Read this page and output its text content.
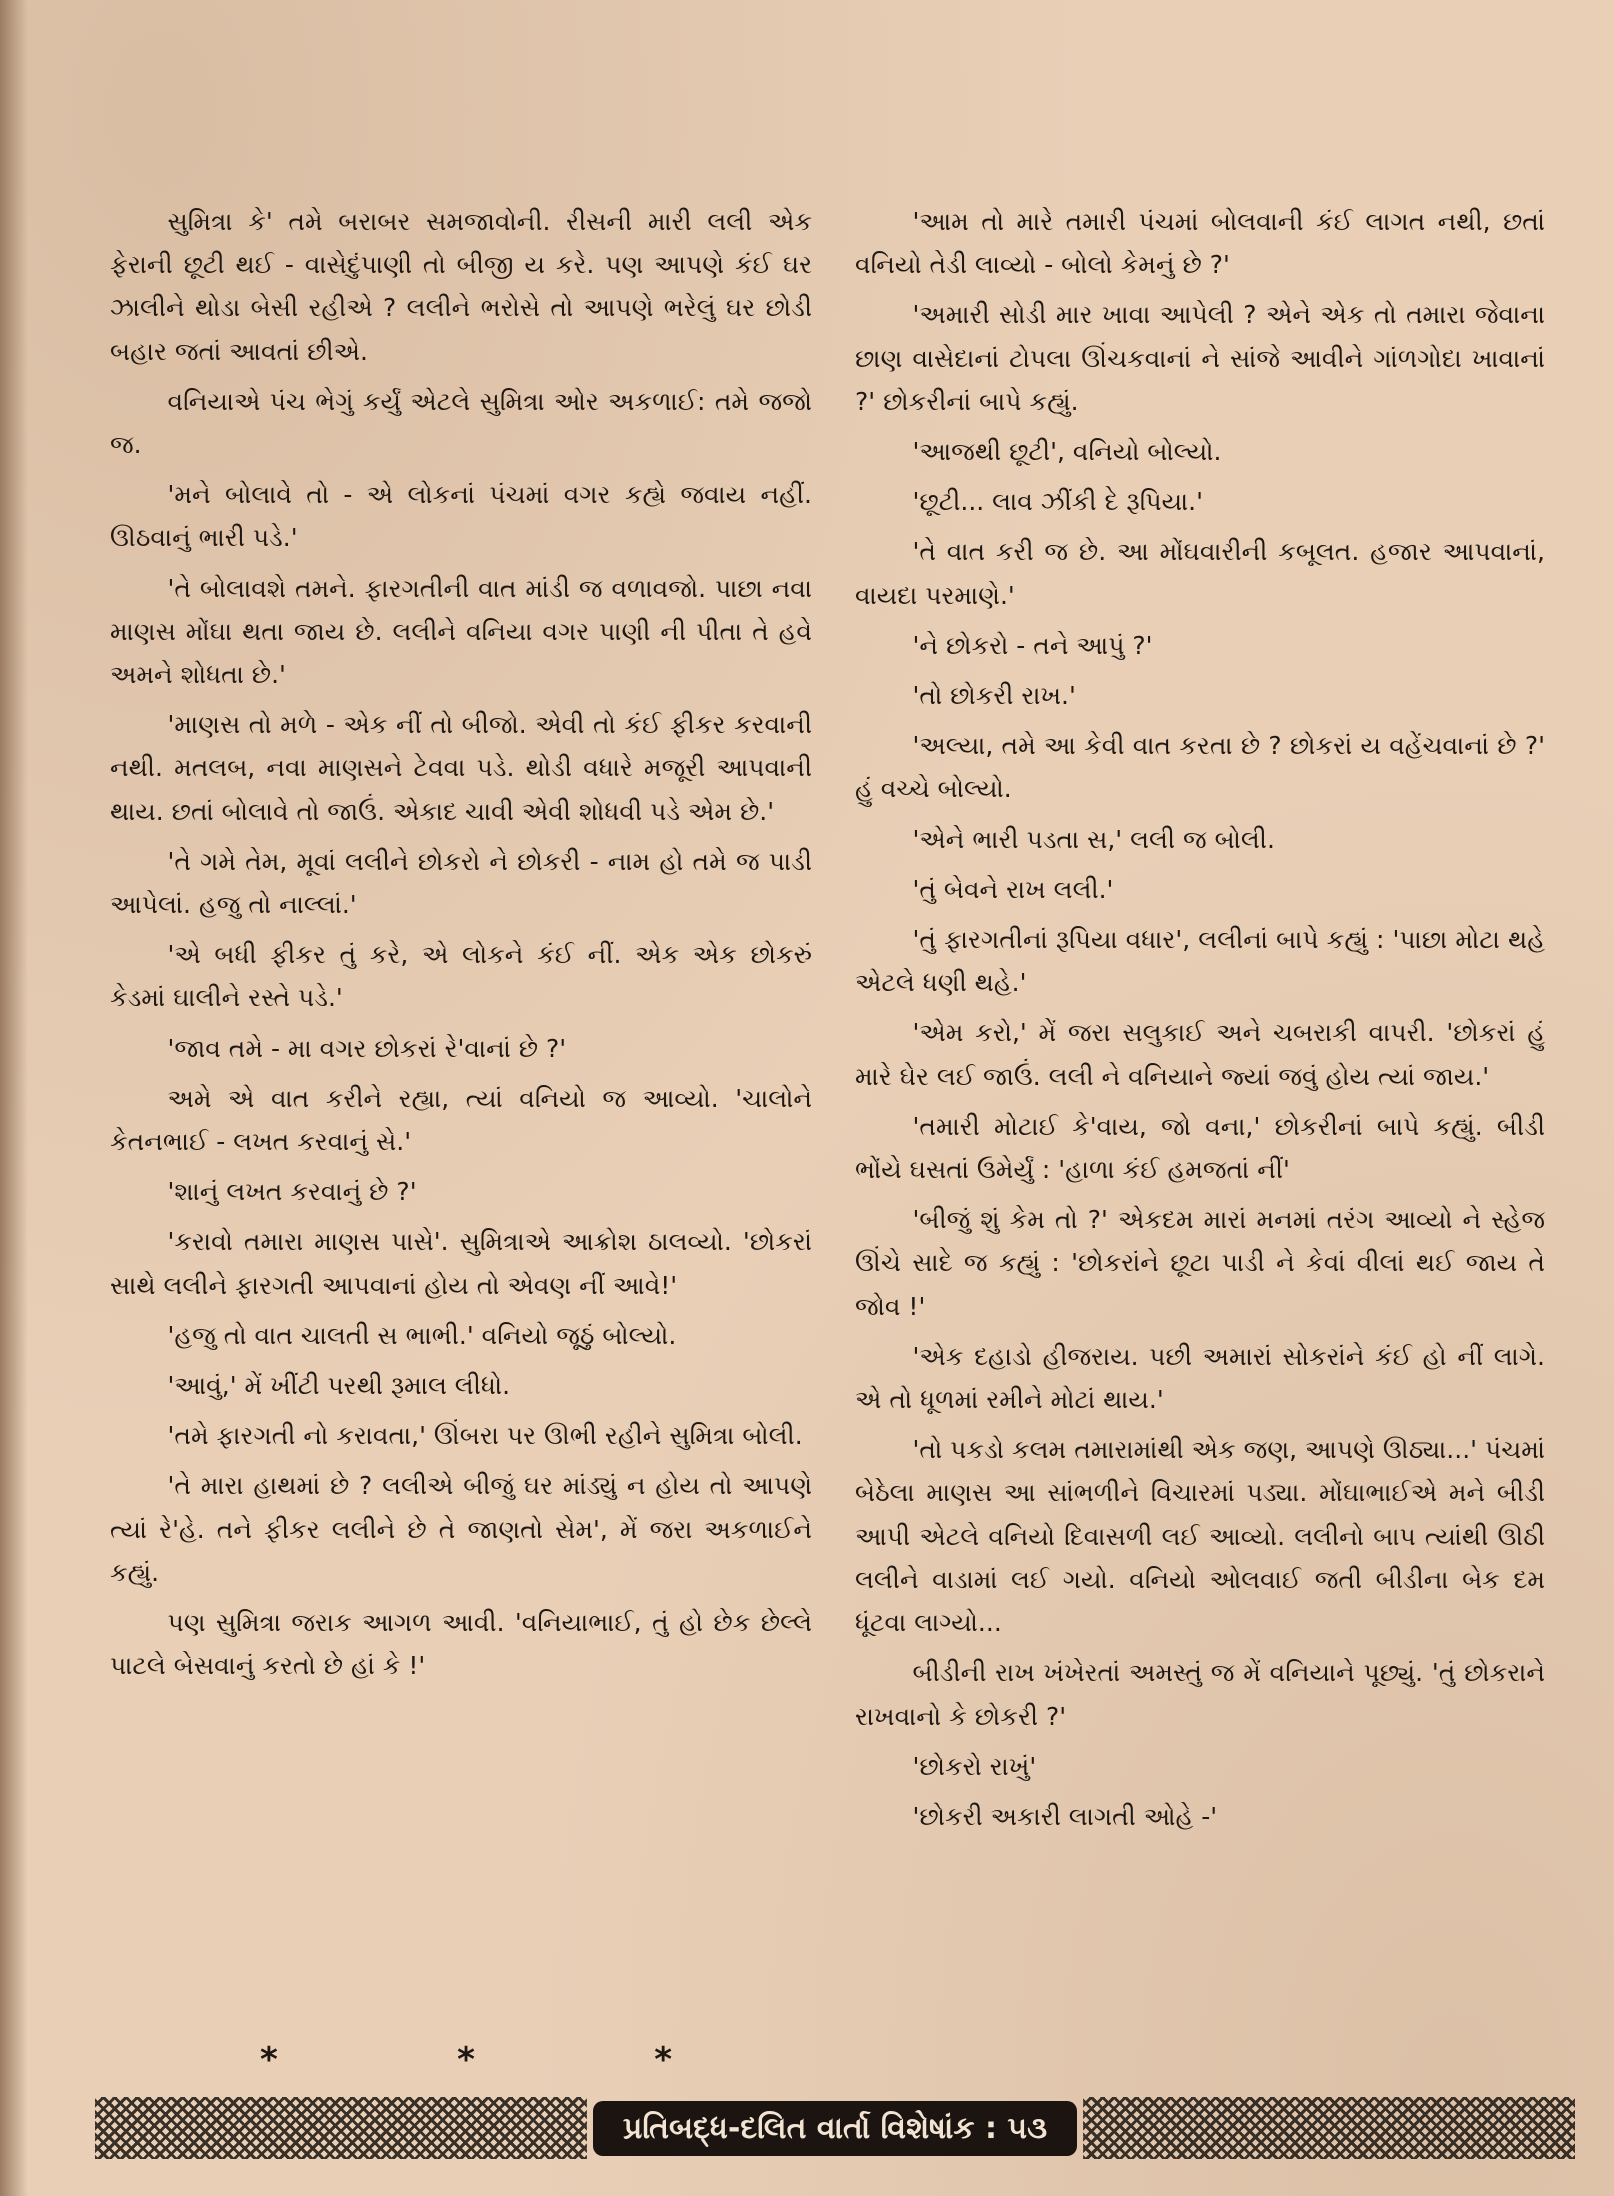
સુમિત્રા કે' તમે બરાબર સમજાવોની. રીસની મારી લલી એક ફેરાની છૂટી થઈ - વાસેદુંપાણી તો બીજી ય કરે. પણ આપણે કંઈ ઘર ઝાલીને થોડા બેસી રહીએ ? લલીને ભરોસે તો આપણે ભરેલું ઘર છોડી બહાર જતાં આવતાં છીએ.

વનિયાએ પંચ ભેગું કર્યું એટલે સુમિત્રા ઓર અકળાઈ: તમે જજો જ.

'મને બોલાવે તો - એ લોકનાં પંચમાં વગર કહ્યે જવાય નહીં. ઊઠવાનું ભારી પડે.'

'તે બોલાવશે તમને. ફારગતીની વાત માંડી જ વળાવજો. પાછા નવા માણસ મોંઘા થતા જાય છે. લલીને વનિયા વગર પાણી ની પીતા તે હવે અમને શોધતા છે.'

'માણસ તો મળે - એક નીં તો બીજો. એવી તો કંઈ ફીકર કરવાની નથી. મતલબ, નવા માણસને ટેવવા પડે. થોડી વધારે મજૂરી આપવાની થાય. છતાં બોલાવે તો જાઉં. એકાદ ચાવી એવી શોધવી પડે એમ છે.'

'તે ગમે તેમ, મૂવાં લલીને છોકરો ને છોકરી - નામ હો તમે જ પાડી આપેલાં. હજુ તો નાલ્લાં.'

'એ બધી ફીકર તું કરે, એ લોકને કંઈ નીં. એક એક છોકરું કેડમાં ઘાલીને રસ્તે પડે.'

'જાવ તમે - મા વગર છોકરાં રે'વાનાં છે ?'

અમે એ વાત કરીને રહ્યા, ત્યાં વનિયો જ આવ્યો. 'ચાલોને કેતનભાઈ - લખત કરવાનું સે.'

'શાનું લખત કરવાનું છે ?'

'કરાવો તમારા માણસ પાસે'. સુમિત્રાએ આક્રોશ ઠાલવ્યો. 'છોકરાં સાથે લલીને ફારગતી આપવાનાં હોય તો એવણ નીં આવે!'

'હજુ તો વાત ચાલતી સ ભાભી.' વનિયો જૂઠું બોલ્યો.

'આવું,' મેં ખીંટી પરથી રૂમાલ લીધો.

'તમે ફારગતી નો કરાવતા,' ઊંબરા પર ઊભી રહીને સુમિત્રા બોલી.

'તે મારા હાથમાં છે ? લલીએ બીજું ઘર માંડ્યું ન હોય તો આપણે ત્યાં રે'હે. તને ફીકર લલીને છે તે જાણતો સેમ', મેં જરા અકળાઈને કહ્યું.

પણ સુમિત્રા જરાક આગળ આવી. 'વનિયાભાઈ, તું હો છેક છેલ્લે પાટલે બેસવાનું કરતો છે હાં કે !'

*	*	*

'આમ તો મારે તમારી પંચમાં બોલવાની કંઈ લાગત નથી, છતાં વનિયો તેડી લાવ્યો - બોલો કેમનું છે ?'

'અમારી સોડી માર ખાવા આપેલી ? એને એક તો તમારા જેવાના છાણ વાસેદાનાં ટોપલા ઊંચકવાનાં ને સાંજે આવીને ગાંળગોદા ખાવાનાં ?' છોકરીનાં બાપે કહ્યું.

'આજથી છૂટી', વનિયો બોલ્યો.

'છૂટી... લાવ ઝીંકી દે રૂપિયા.'

'તે વાત કરી જ છે. આ મોંઘવારીની કબૂલત. હજાર આપવાનાં, વાયદા પરમાણે.'

'ને છોકરો - તને આપું ?'

'તો છોકરી રાખ.'

'અલ્યા, તમે આ કેવી વાત કરતા છે ? છોકરાં ય વહેંચવાનાં છે ?' હું વચ્ચે બોલ્યો.

'એને ભારી પડતા સ,' લલી જ બોલી.

'તું બેવને રાખ લલી.'

'તું ફારગતીનાં રૂપિયા વધાર', લલીનાં બાપે કહ્યું : 'પાછા મોટા થહે એટલે ધણી થહે.'

'એમ કરો,' મેં જરા સલુકાઈ અને ચબરાકી વાપરી. 'છોકરાં હું મારે ઘેર લઈ જાઉં. લલી ને વનિયાને જ્યાં જવું હોય ત્યાં જાય.'

'તમારી મોટાઈ કે'વાય, જો વના,' છોકરીનાં બાપે કહ્યું. બીડી ભોંયે ઘસતાં ઉમેર્યું : 'હાળા કંઈ હમજતાં નીં'

'બીજું શું કેમ તો ?' એકદમ મારાં મનમાં તરંગ આવ્યો ને સ્હેજ ઊંચે સાદે જ કહ્યું : 'છોકરાંને છૂટા પાડી ને કેવાં વીલાં થઈ જાય તે જોવ !'

'એક દહાડો હીજરાય. પછી અમારાં સોકરાંને કંઈ હો નીં લાગે. એ તો ધૂળમાં રમીને મોટાં થાય.'

'તો પકડો કલમ તમારામાંથી એક જણ, આપણે ઊઠ્યા...' પંચમાં બેઠેલા માણસ આ સાંભળીને વિચારમાં પડ્યા. મોંઘાભાઈએ મને બીડી આપી એટલે વનિયો દિવાસળી લઈ આવ્યો. લલીનો બાપ ત્યાંથી ઊઠી લલીને વાડામાં લઈ ગયો. વનિયો ઓલવાઈ જતી બીડીના બેક દમ ધૂંટવા લાગ્યો...

બીડીની રાખ ખંખેરતાં અમસ્તું જ મેં વનિયાને પૂછ્યું. 'તું છોકરાને રાખવાનો કે છોકરી ?'

'છોકરો રાખું'

'છોકરી અકારી લાગતી ઓહે -'

પ્રતિબદ્ધ-દલિત વાર્તા વિશેષાંક : ૫૩
